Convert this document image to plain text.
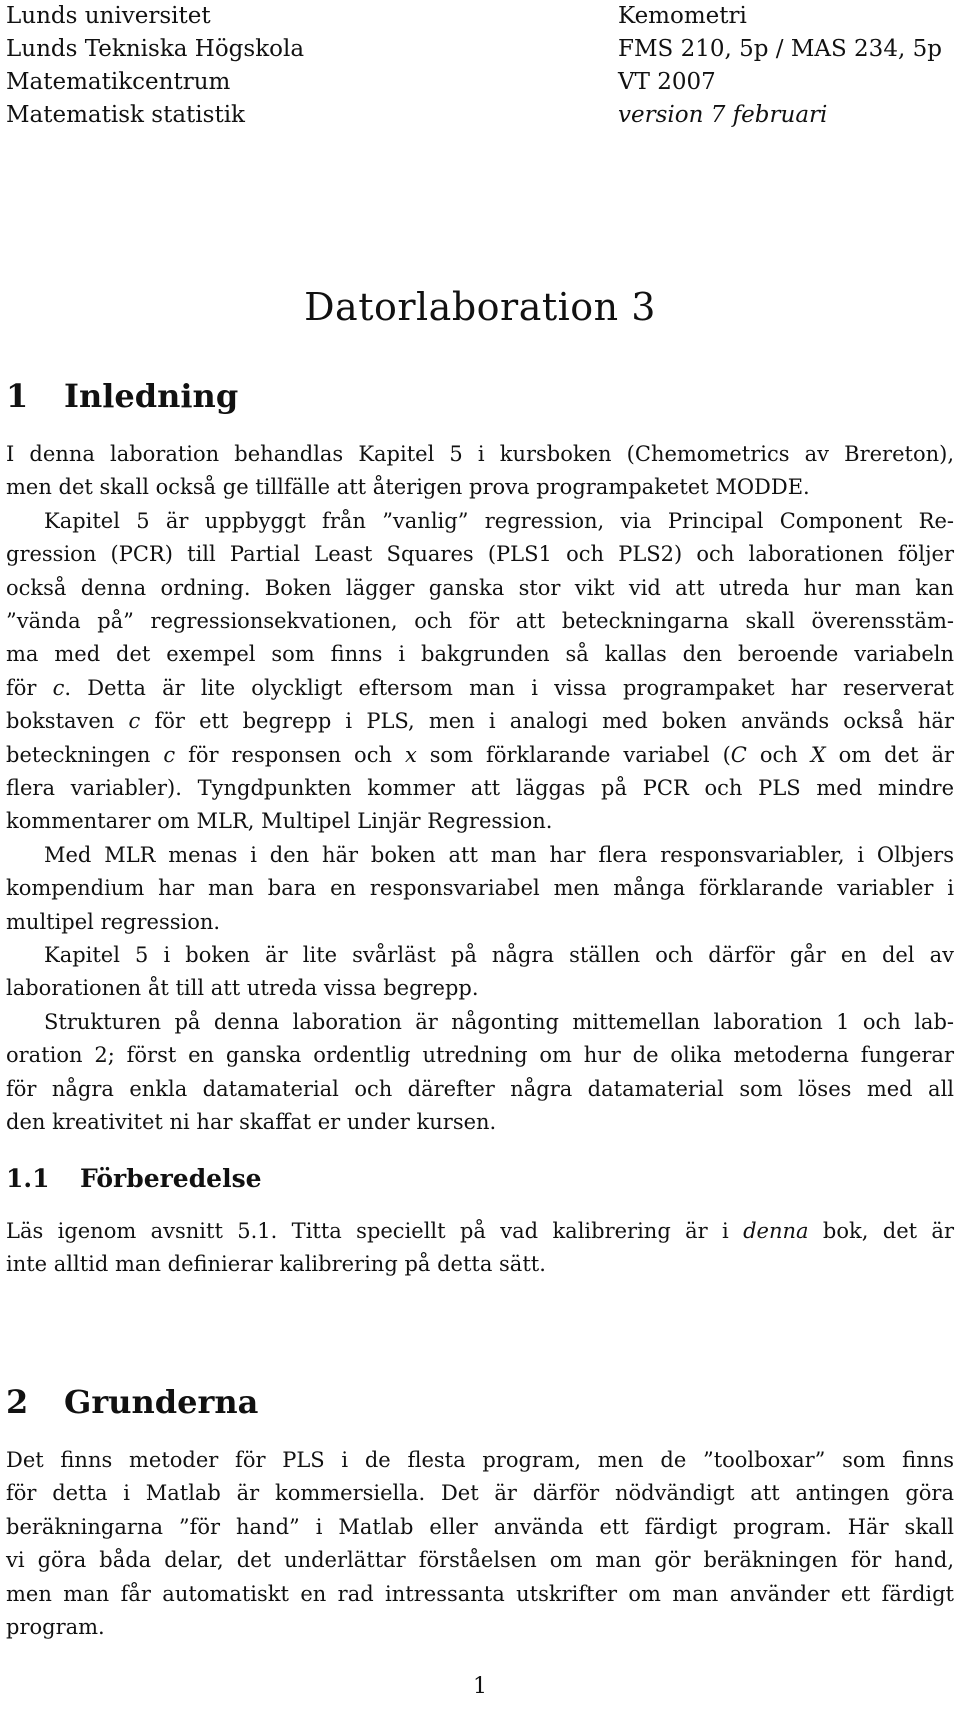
Lunds universitet
Lunds Tekniska Högskola
Matematikcentrum
Matematisk statistik
Kemometri
FMS 210, 5p / MAS 234, 5p
VT 2007
version 7 februari
Datorlaboration 3
1 Inledning
I denna laboration behandlas Kapitel 5 i kursboken (Chemometrics av Brereton),
men det skall också ge tillfälle att återigen prova programpaketet MODDE.
Kapitel 5 är uppbyggt från ”vanlig” regression, via Principal Component Re-
gression (PCR) till Partial Least Squares (PLS1 och PLS2) och laborationen följer
också denna ordning. Boken lägger ganska stor vikt vid att utreda hur man kan
”vända på” regressionsekvationen, och för att beteckningarna skall överensstäm-
ma med det exempel som finns i bakgrunden så kallas den beroende variabeln
för c. Detta är lite olyckligt eftersom man i vissa programpaket har reserverat
bokstaven c för ett begrepp i PLS, men i analogi med boken används också här
beteckningen c för responsen och x som förklarande variabel (C och X om det är
flera variabler). Tyngdpunkten kommer att läggas på PCR och PLS med mindre
kommentarer om MLR, Multipel Linjär Regression.
Med MLR menas i den här boken att man har flera responsvariabler, i Olbjers
kompendium har man bara en responsvariabel men många förklarande variabler i
multipel regression.
Kapitel 5 i boken är lite svårläst på några ställen och därför går en del av
laborationen åt till att utreda vissa begrepp.
Strukturen på denna laboration är någonting mittemellan laboration 1 och lab-
oration 2; först en ganska ordentlig utredning om hur de olika metoderna fungerar
för några enkla datamaterial och därefter några datamaterial som löses med all
den kreativitet ni har skaffat er under kursen.
1.1 Förberedelse
Läs igenom avsnitt 5.1. Titta speciellt på vad kalibrering är i denna bok, det är
inte alltid man definierar kalibrering på detta sätt.
2 Grunderna
Det finns metoder för PLS i de flesta program, men de ”toolboxar” som finns
för detta i Matlab är kommersiella. Det är därför nödvändigt att antingen göra
beräkningarna ”för hand” i Matlab eller använda ett färdigt program. Här skall
vi göra båda delar, det underlättar förståelsen om man gör beräkningen för hand,
men man får automatiskt en rad intressanta utskrifter om man använder ett färdigt
program.
1
